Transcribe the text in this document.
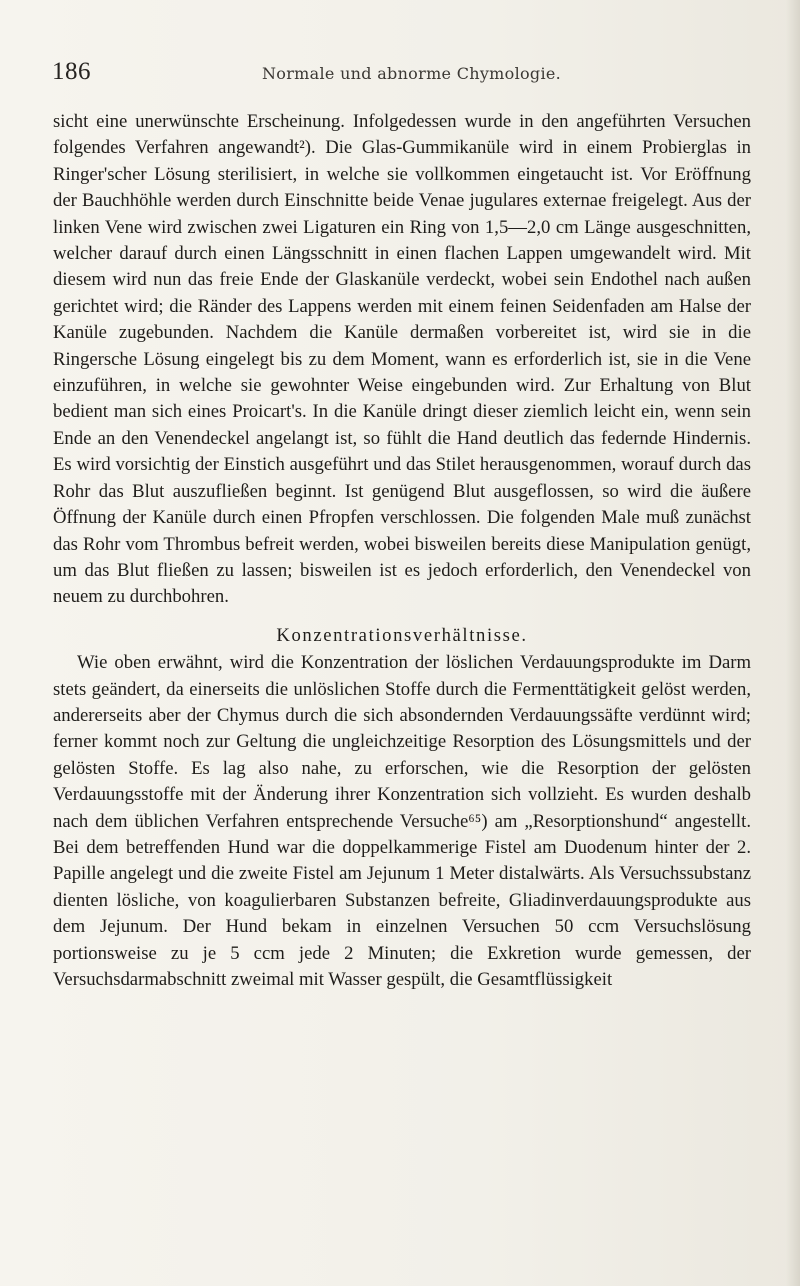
186	Normale und abnorme Chymologie.

sicht eine unerwünschte Erscheinung. Infolgedessen wurde in den angeführten Versuchen folgendes Verfahren angewandt²). Die Glas-Gummikanüle wird in einem Probierglas in Ringer'scher Lösung sterilisiert, in welche sie vollkommen eingetaucht ist. Vor Eröffnung der Bauchhöhle werden durch Einschnitte beide Venae jugulares externae freigelegt. Aus der linken Vene wird zwischen zwei Ligaturen ein Ring von 1,5—2,0 cm Länge ausgeschnitten, welcher darauf durch einen Längsschnitt in einen flachen Lappen umgewandelt wird. Mit diesem wird nun das freie Ende der Glaskanüle verdeckt, wobei sein Endothel nach außen gerichtet wird; die Ränder des Lappens werden mit einem feinen Seidenfaden am Halse der Kanüle zugebunden. Nachdem die Kanüle dermaßen vorbereitet ist, wird sie in die Ringersche Lösung eingelegt bis zu dem Moment, wann es erforderlich ist, sie in die Vene einzuführen, in welche sie gewohnter Weise eingebunden wird. Zur Erhaltung von Blut bedient man sich eines Proicart's. In die Kanüle dringt dieser ziemlich leicht ein, wenn sein Ende an den Venendeckel angelangt ist, so fühlt die Hand deutlich das federnde Hindernis. Es wird vorsichtig der Einstich ausgeführt und das Stilet herausgenommen, worauf durch das Rohr das Blut auszufließen beginnt. Ist genügend Blut ausgeflossen, so wird die äußere Öffnung der Kanüle durch einen Pfropfen verschlossen. Die folgenden Male muß zunächst das Rohr vom Thrombus befreit werden, wobei bisweilen bereits diese Manipulation genügt, um das Blut fließen zu lassen; bisweilen ist es jedoch erforderlich, den Venendeckel von neuem zu durchbohren.

Konzentrationsverhältnisse.

Wie oben erwähnt, wird die Konzentration der löslichen Verdauungsprodukte im Darm stets geändert, da einerseits die unlöslichen Stoffe durch die Fermenttätigkeit gelöst werden, andererseits aber der Chymus durch die sich absondernden Verdauungssäfte verdünnt wird; ferner kommt noch zur Geltung die ungleichzeitige Resorption des Lösungsmittels und der gelösten Stoffe. Es lag also nahe, zu erforschen, wie die Resorption der gelösten Verdauungsstoffe mit der Änderung ihrer Konzentration sich vollzieht. Es wurden deshalb nach dem üblichen Verfahren entsprechende Versuche⁶⁵) am „Resorptionshund“ angestellt. Bei dem betreffenden Hund war die doppelkammerige Fistel am Duodenum hinter der 2. Papille angelegt und die zweite Fistel am Jejunum 1 Meter distalwärts. Als Versuchssubstanz dienten lösliche, von koagulierbaren Substanzen befreite, Gliadinverdauungsprodukte aus dem Jejunum. Der Hund bekam in einzelnen Versuchen 50 ccm Versuchslösung portionsweise zu je 5 ccm jede 2 Minuten; die Exkretion wurde gemessen, der Versuchsdarmabschnitt zweimal mit Wasser gespült, die Gesamtflüssigkeit
